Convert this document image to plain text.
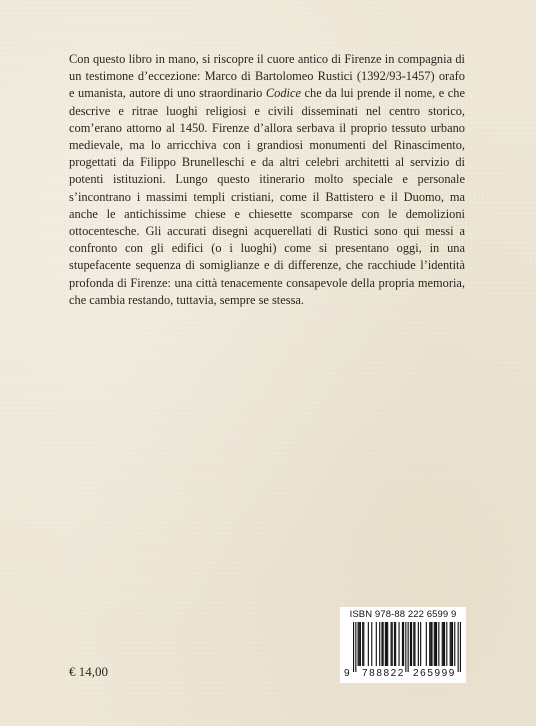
Con questo libro in mano, si riscopre il cuore antico di Firenze in compagnia di un testimone d’eccezione: Marco di Bartolomeo Rustici (1392/93-1457) orafo e umanista, autore di uno straordinario Codice che da lui prende il nome, e che descrive e ritrae luoghi religiosi e civili disseminati nel centro storico, com’erano attorno al 1450. Firenze d’allora serbava il proprio tessuto urbano medievale, ma lo arricchiva con i grandiosi monumenti del Rinascimento, progettati da Filippo Brunelleschi e da altri celebri architetti al servizio di potenti istituzioni. Lungo questo itinerario molto speciale e personale s’incontrano i massimi templi cristiani, come il Battistero e il Duomo, ma anche le antichissime chiese e chiesette scomparse con le demolizioni ottocentesche. Gli accurati disegni acquerellati di Rustici sono qui messi a confronto con gli edifici (o i luoghi) come si presentano oggi, in una stupefacente sequenza di somiglianze e di differenze, che racchiude l’identità profonda di Firenze: una città tenacemente consapevole della propria memoria, che cambia restando, tuttavia, sempre se stessa.

€ 14,00
ISBN 978-88 222 6599 9
9 788822 265999
